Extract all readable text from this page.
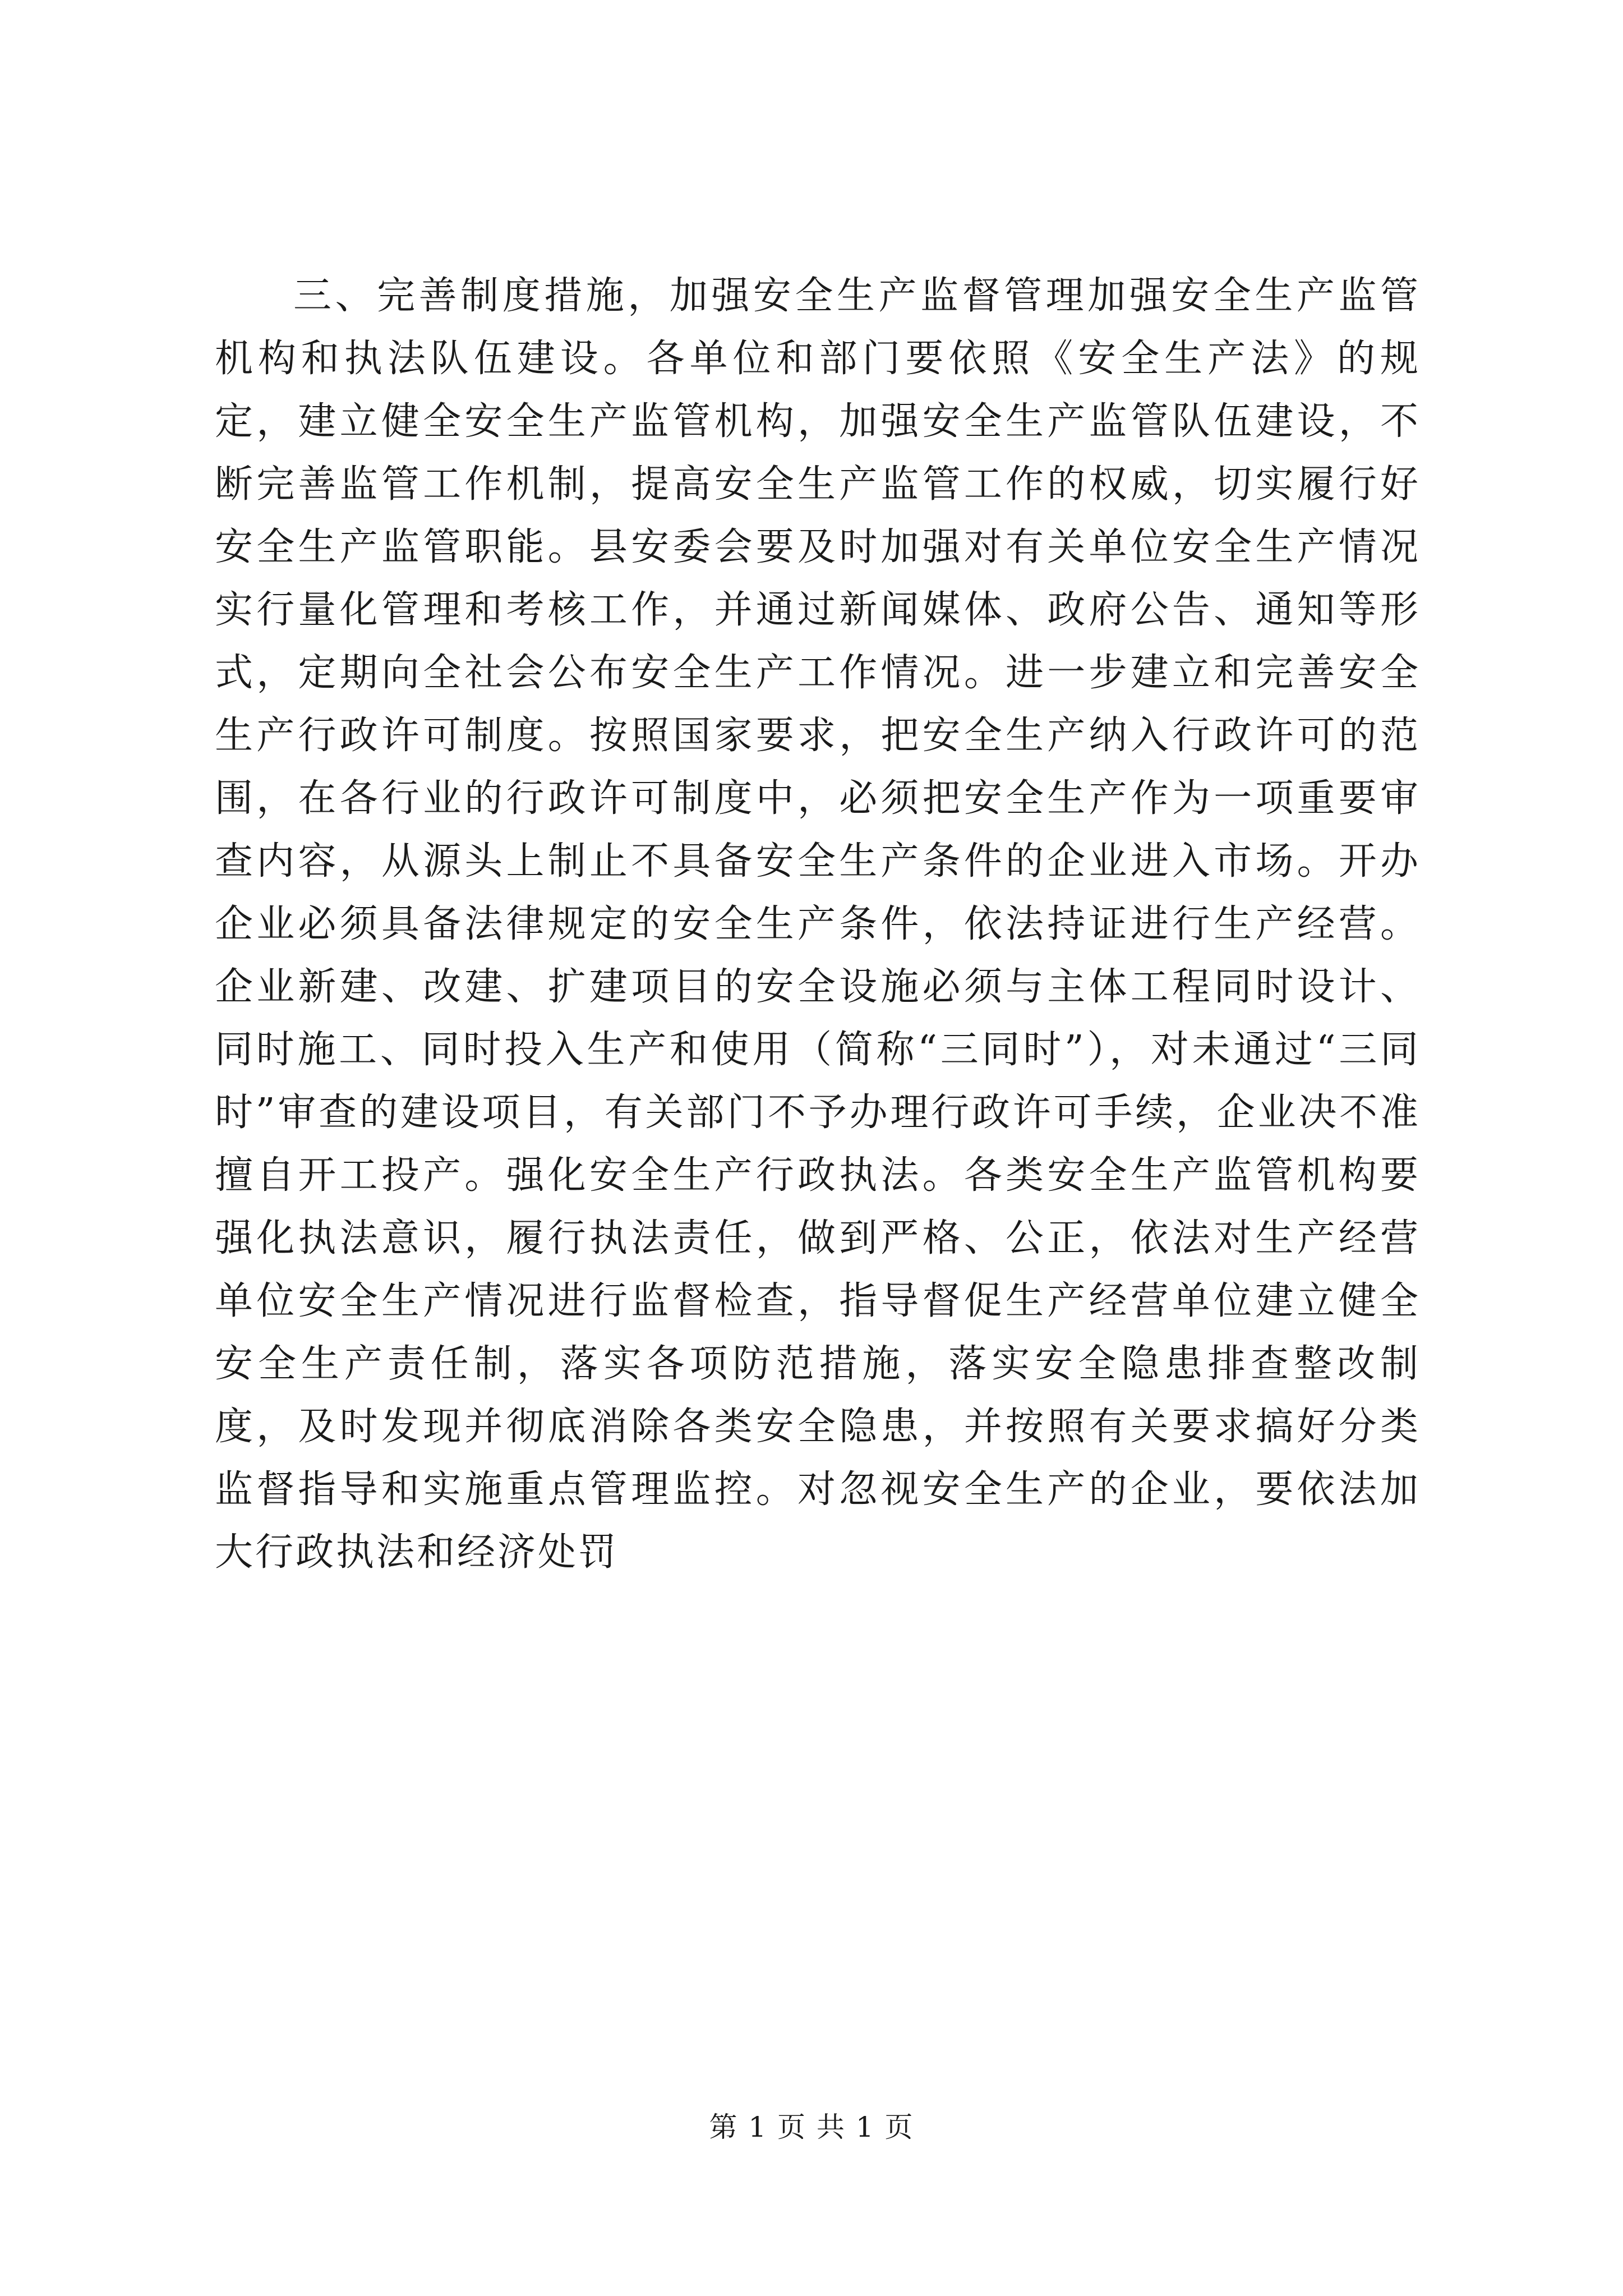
三、完善制度措施，加强安全生产监督管理加强安全生产监管机构和执法队伍建设。各单位和部门要依照《安全生产法》的规定，建立健全安全生产监管机构，加强安全生产监管队伍建设，不断完善监管工作机制，提高安全生产监管工作的权威，切实履行好安全生产监管职能。县安委会要及时加强对有关单位安全生产情况实行量化管理和考核工作，并通过新闻媒体、政府公告、通知等形式，定期向全社会公布安全生产工作情况。进一步建立和完善安全生产行政许可制度。按照国家要求，把安全生产纳入行政许可的范围，在各行业的行政许可制度中，必须把安全生产作为一项重要审查内容，从源头上制止不具备安全生产条件的企业进入市场。开办企业必须具备法律规定的安全生产条件，依法持证进行生产经营。企业新建、改建、扩建项目的安全设施必须与主体工程同时设计、同时施工、同时投入生产和使用（简称“三同时”），对未通过“三同时”审查的建设项目，有关部门不予办理行政许可手续，企业决不准擅自开工投产。强化安全生产行政执法。各类安全生产监管机构要强化执法意识，履行执法责任，做到严格、公正，依法对生产经营单位安全生产情况进行监督检查，指导督促生产经营单位建立健全安全生产责任制，落实各项防范措施，落实安全隐患排查整改制度，及时发现并彻底消除各类安全隐患，并按照有关要求搞好分类监督指导和实施重点管理监控。对忽视安全生产的企业，要依法加大行政执法和经济处罚

第 1 页 共 1 页
